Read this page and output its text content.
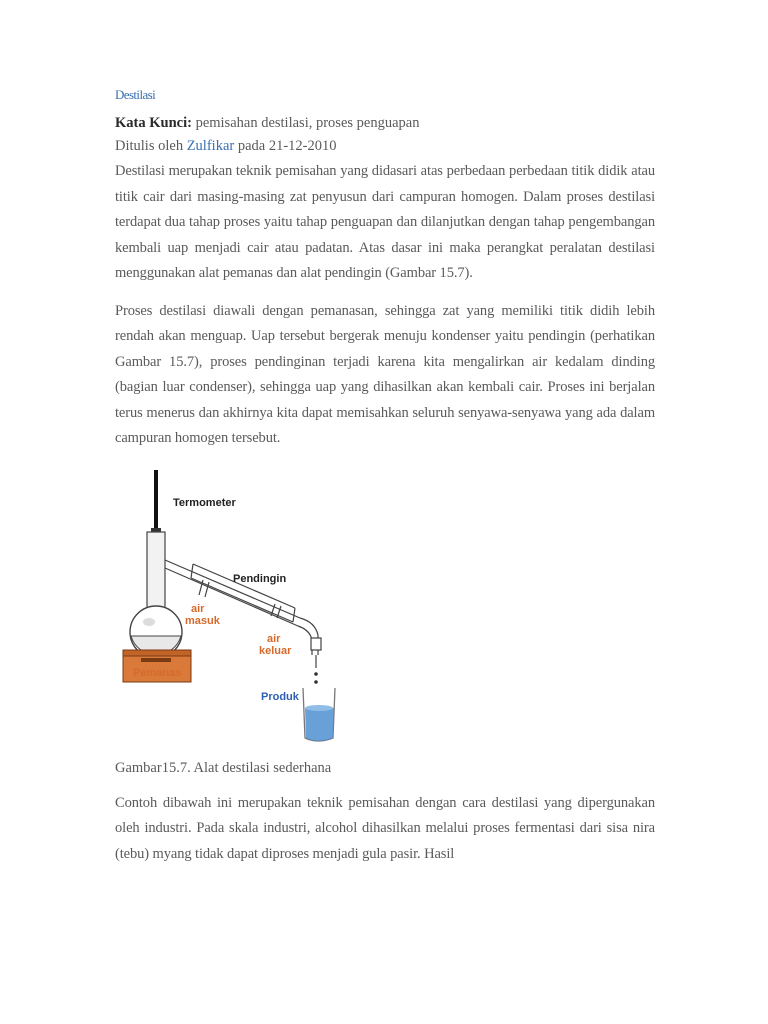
Destilasi
Kata Kunci: pemisahan destilasi, proses penguapan
Ditulis oleh Zulfikar pada 21-12-2010

Destilasi merupakan teknik pemisahan yang didasari atas perbedaan perbedaan titik didik atau titik cair dari masing-masing zat penyusun dari campuran homogen. Dalam proses destilasi terdapat dua tahap proses yaitu tahap penguapan dan dilanjutkan dengan tahap pengembangan kembali uap menjadi cair atau padatan. Atas dasar ini maka perangkat peralatan destilasi menggunakan alat pemanas dan alat pendingin (Gambar 15.7).

Proses destilasi diawali dengan pemanasan, sehingga zat yang memiliki titik didih lebih rendah akan menguap. Uap tersebut bergerak menuju kondenser yaitu pendingin (perhatikan Gambar 15.7), proses pendinginan terjadi karena kita mengalirkan air kedalam dinding (bagian luar condenser), sehingga uap yang dihasilkan akan kembali cair. Proses ini berjalan terus menerus dan akhirnya kita dapat memisahkan seluruh senyawa-senyawa yang ada dalam campuran homogen tersebut.

Termometer
Pendingin
air
masuk
air
keluar
Pemanas
Produk
Gambar15.7. Alat destilasi sederhana

Contoh dibawah ini merupakan teknik pemisahan dengan cara destilasi yang dipergunakan oleh industri. Pada skala industri, alcohol dihasilkan melalui proses fermentasi dari sisa nira (tebu) myang tidak dapat diproses menjadi gula pasir. Hasil
